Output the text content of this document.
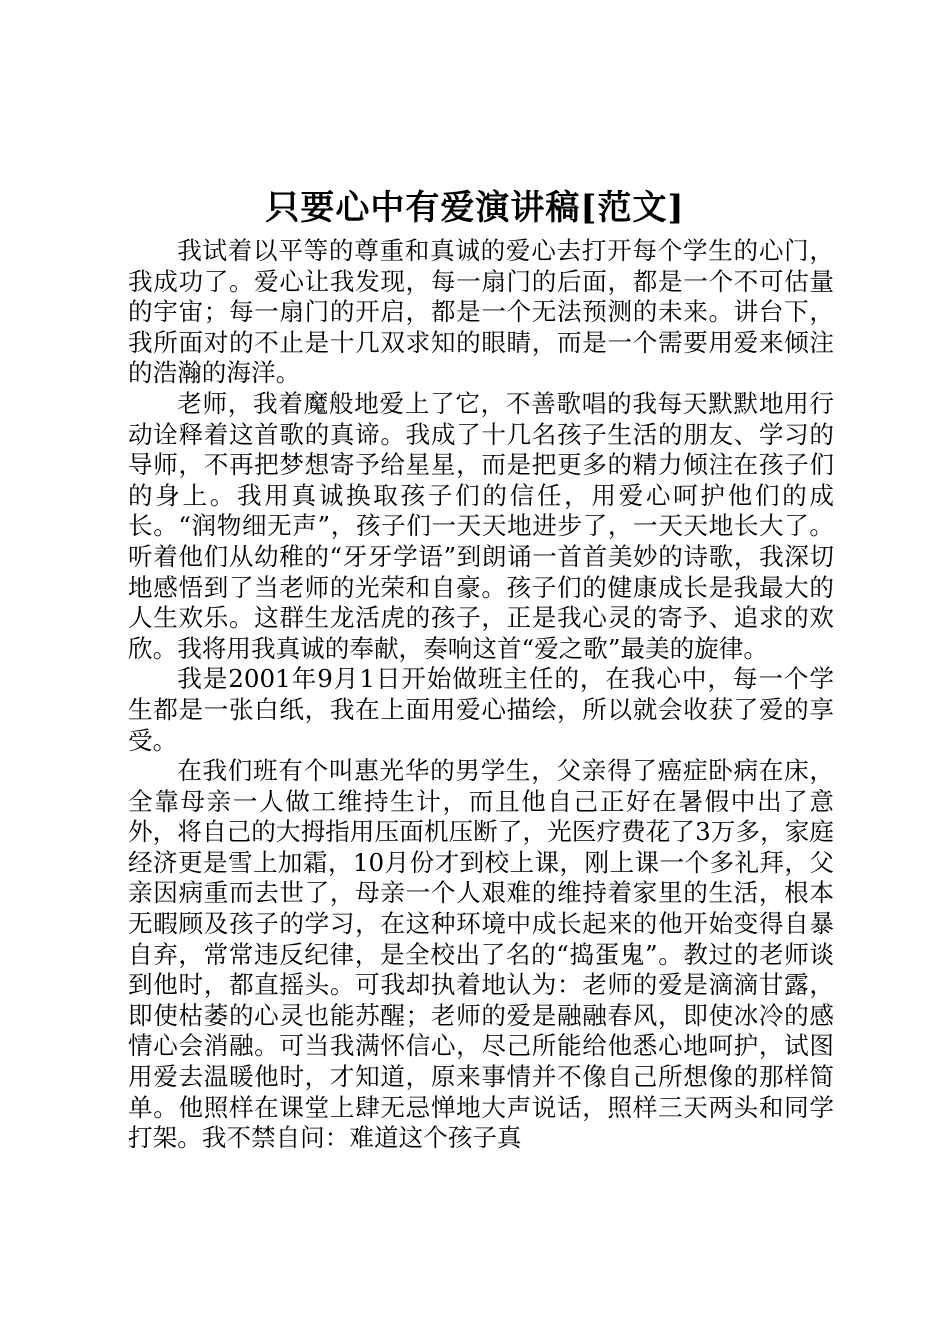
只要心中有爱演讲稿[范文]

我试着以平等的尊重和真诚的爱心去打开每个学生的心门，我成功了。爱心让我发现，每一扇门的后面，都是一个不可估量的宇宙；每一扇门的开启，都是一个无法预测的未来。讲台下，我所面对的不止是十几双求知的眼睛，而是一个需要用爱来倾注的浩瀚的海洋。

老师，我着魔般地爱上了它，不善歌唱的我每天默默地用行动诠释着这首歌的真谛。我成了十几名孩子生活的朋友、学习的导师，不再把梦想寄予给星星，而是把更多的精力倾注在孩子们的身上。我用真诚换取孩子们的信任，用爱心呵护他们的成长。“润物细无声”，孩子们一天天地进步了，一天天地长大了。听着他们从幼稚的“牙牙学语”到朗诵一首首美妙的诗歌，我深切地感悟到了当老师的光荣和自豪。孩子们的健康成长是我最大的人生欢乐。这群生龙活虎的孩子，正是我心灵的寄予、追求的欢欣。我将用我真诚的奉献，奏响这首“爱之歌”最美的旋律。

我是2001年9月1日开始做班主任的，在我心中，每一个学生都是一张白纸，我在上面用爱心描绘，所以就会收获了爱的享受。

在我们班有个叫惠光华的男学生，父亲得了癌症卧病在床，全靠母亲一人做工维持生计，而且他自己正好在暑假中出了意外，将自己的大拇指用压面机压断了，光医疗费花了3万多，家庭经济更是雪上加霜，10月份才到校上课，刚上课一个多礼拜，父亲因病重而去世了，母亲一个人艰难的维持着家里的生活，根本无暇顾及孩子的学习，在这种环境中成长起来的他开始变得自暴自弃，常常违反纪律，是全校出了名的“捣蛋鬼”。教过的老师谈到他时，都直摇头。可我却执着地认为：老师的爱是滴滴甘露，即使枯萎的心灵也能苏醒；老师的爱是融融春风，即使冰冷的感情心会消融。可当我满怀信心，尽己所能给他悉心地呵护，试图用爱去温暖他时，才知道，原来事情并不像自己所想像的那样简单。他照样在课堂上肆无忌惮地大声说话，照样三天两头和同学打架。我不禁自问：难道这个孩子真
